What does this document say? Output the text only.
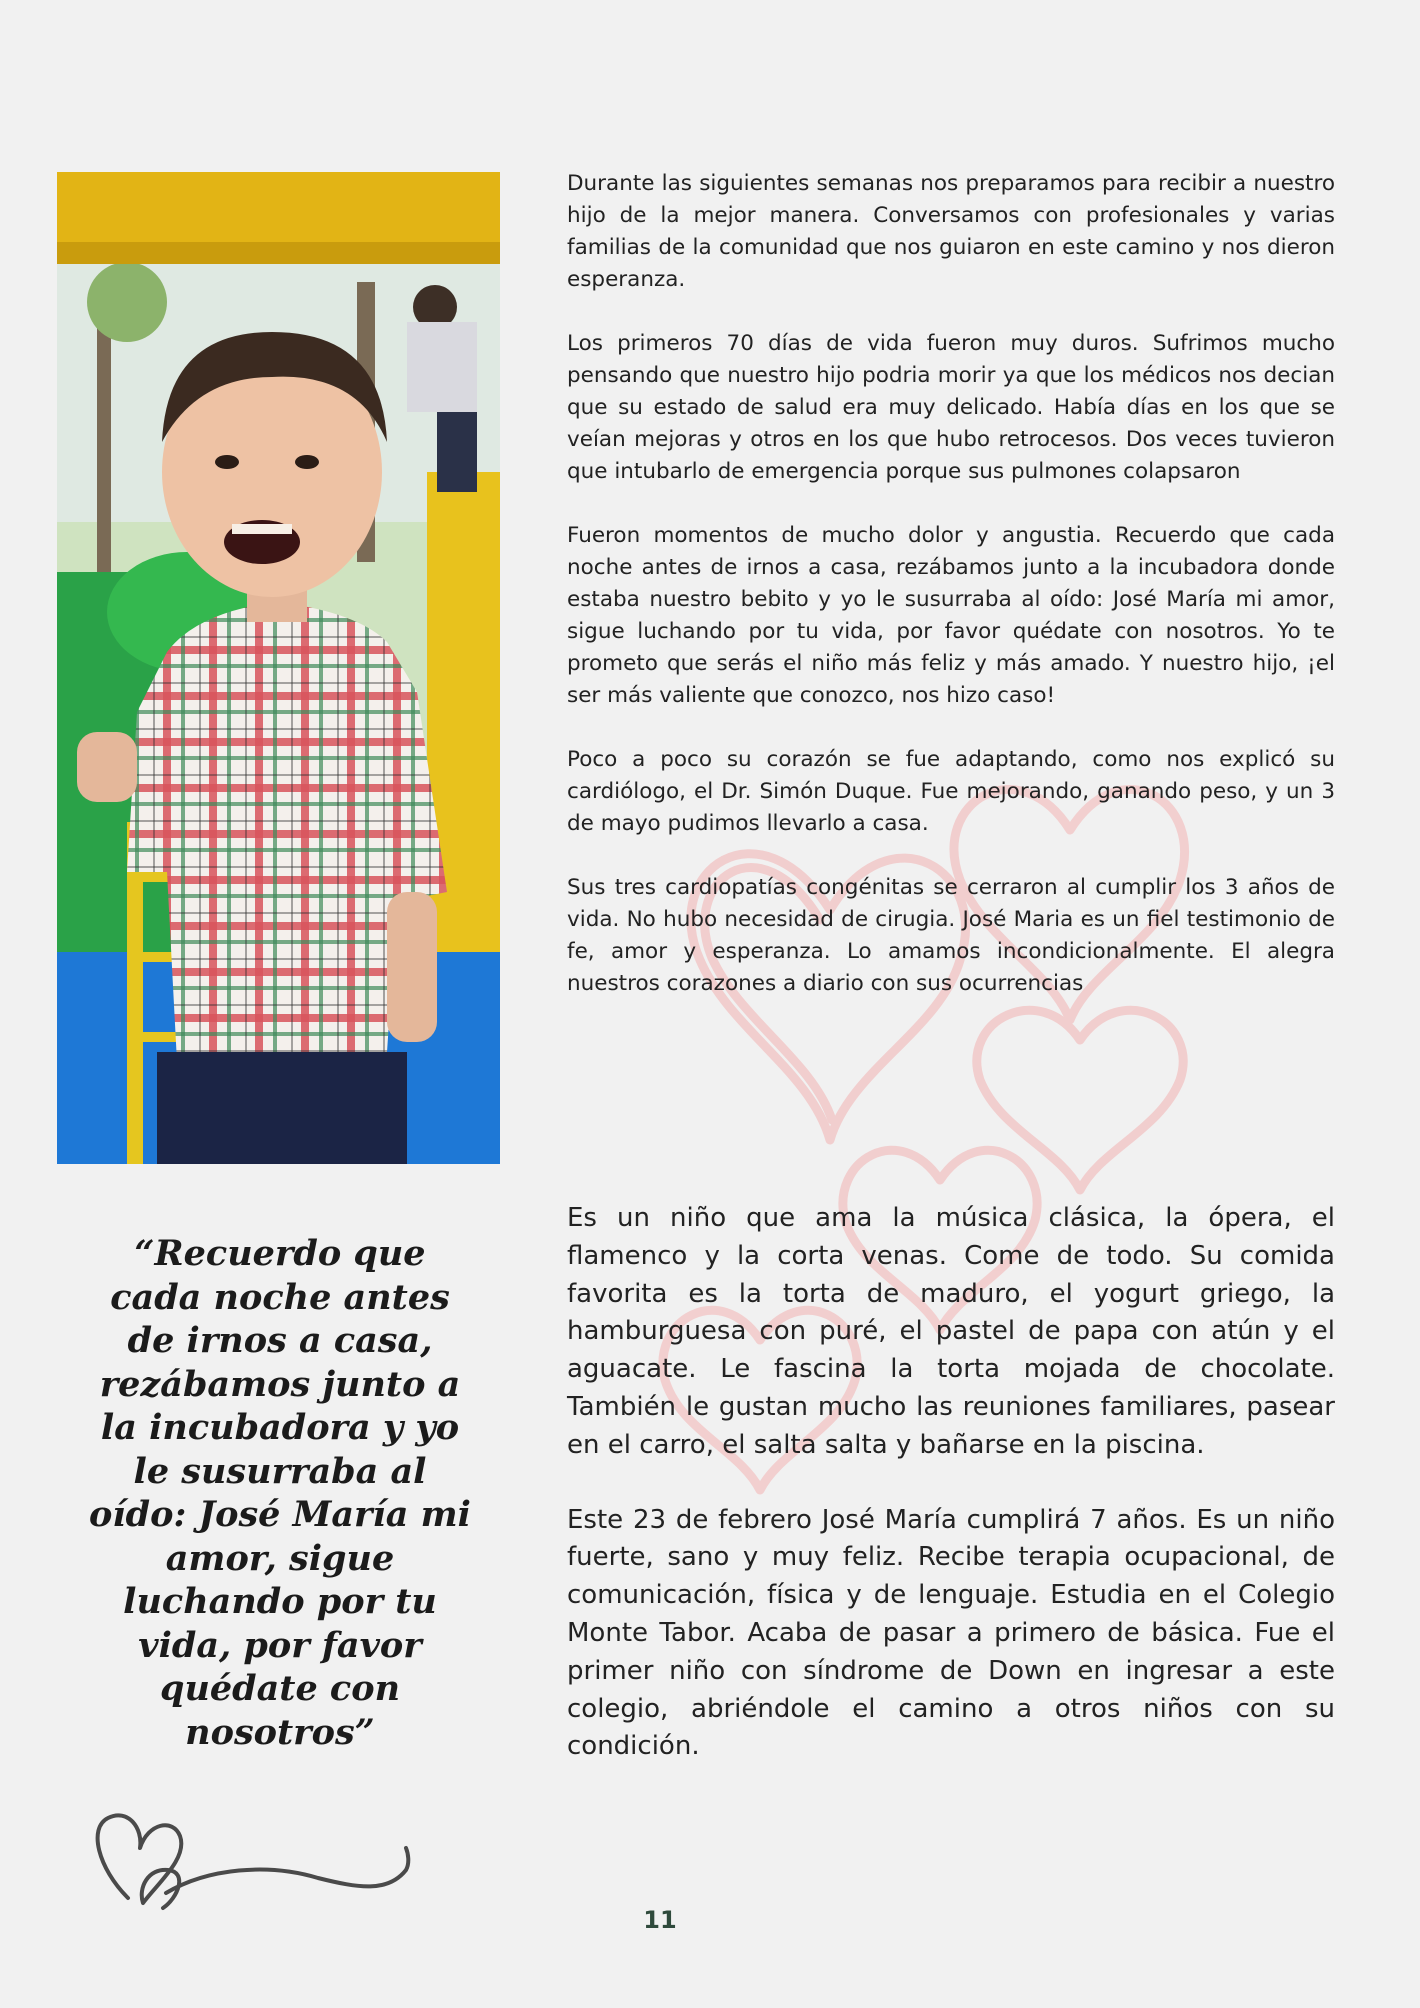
Durante las siguientes semanas nos preparamos para recibir a nuestro hijo de la mejor manera. Conversamos con profesionales y varias familias de la comunidad que nos guiaron en este camino y nos dieron esperanza.

Los primeros 70 días de vida fueron muy duros. Sufrimos mucho pensando que nuestro hijo podria morir ya que los médicos nos decian que su estado de salud era muy delicado. Había días en los que se veían mejoras y otros en los que hubo retrocesos. Dos veces tuvieron que intubarlo de emergencia porque sus pulmones colapsaron

Fueron momentos de mucho dolor y angustia. Recuerdo que cada noche antes de irnos a casa, rezábamos junto a la incubadora donde estaba nuestro bebito y yo le susurraba al oído: José María mi amor, sigue luchando por tu vida, por favor quédate con nosotros. Yo te prometo que serás el niño más feliz y más amado. Y nuestro hijo, ¡el ser más valiente que conozco, nos hizo caso!

Poco a poco su corazón se fue adaptando, como nos explicó su cardiólogo, el Dr. Simón Duque. Fue mejorando, ganando peso, y un 3 de mayo pudimos llevarlo a casa.

Sus tres cardiopatías congénitas se cerraron al cumplir los 3 años de vida. No hubo necesidad de cirugia. José Maria es un fiel testimonio de fe, amor y esperanza. Lo amamos incondicionalmente. El alegra nuestros corazones a diario con sus ocurrencias

Es un niño que ama la música clásica, la ópera, el flamenco y la corta venas. Come de todo. Su comida favorita es la torta de maduro, el yogurt griego, la hamburguesa con puré, el pastel de papa con atún y el aguacate. Le fascina la torta mojada de chocolate. También le gustan mucho las reuniones familiares, pasear en el carro, el salta salta y bañarse en la piscina.

Este 23 de febrero José María cumplirá 7 años. Es un niño fuerte, sano y muy feliz. Recibe terapia ocupacional, de comunicación, física y de lenguaje. Estudia en el Colegio Monte Tabor. Acaba de pasar a primero de básica. Fue el primer niño con síndrome de Down en ingresar a este colegio, abriéndole el camino a otros niños con su condición.

“Recuerdo que cada noche antes de irnos a casa, rezábamos junto a la incubadora y yo le susurraba al oído: José María mi amor, sigue luchando por tu vida, por favor quédate con nosotros”
11
